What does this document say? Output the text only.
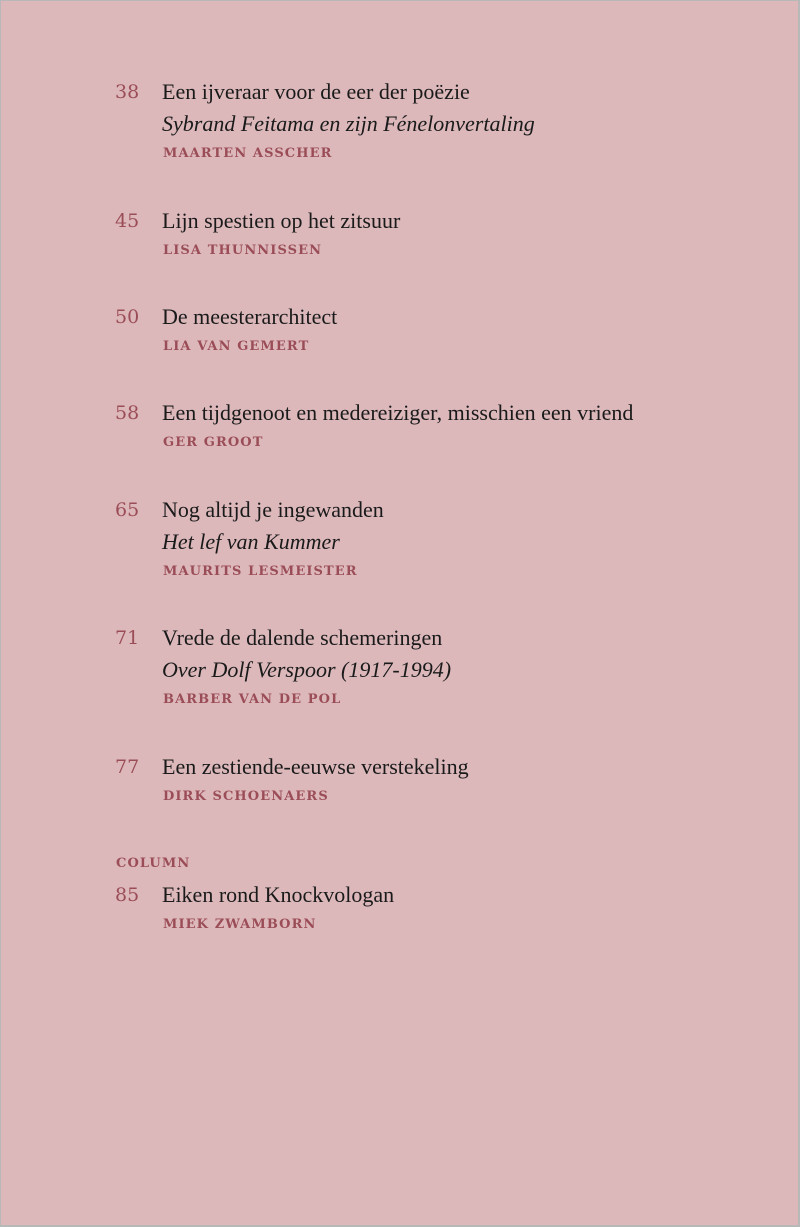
38 Een ijveraar voor de eer der poëzie
Sybrand Feitama en zijn Fénelonvertaling
MAARTEN ASSCHER
45 Lijn spestien op het zitsuur
LISA THUNNISSEN
50 De meesterarchitect
LIA VAN GEMERT
58 Een tijdgenoot en medereiziger, misschien een vriend
GER GROOT
65 Nog altijd je ingewanden
Het lef van Kummer
MAURITS LESMEISTER
71 Vrede de dalende schemeringen
Over Dolf Verspoor (1917-1994)
BARBER VAN DE POL
77 Een zestiende-eeuwse verstekeling
DIRK SCHOENAERS
COLUMN
85 Eiken rond Knockvologan
MIEK ZWAMBORN
